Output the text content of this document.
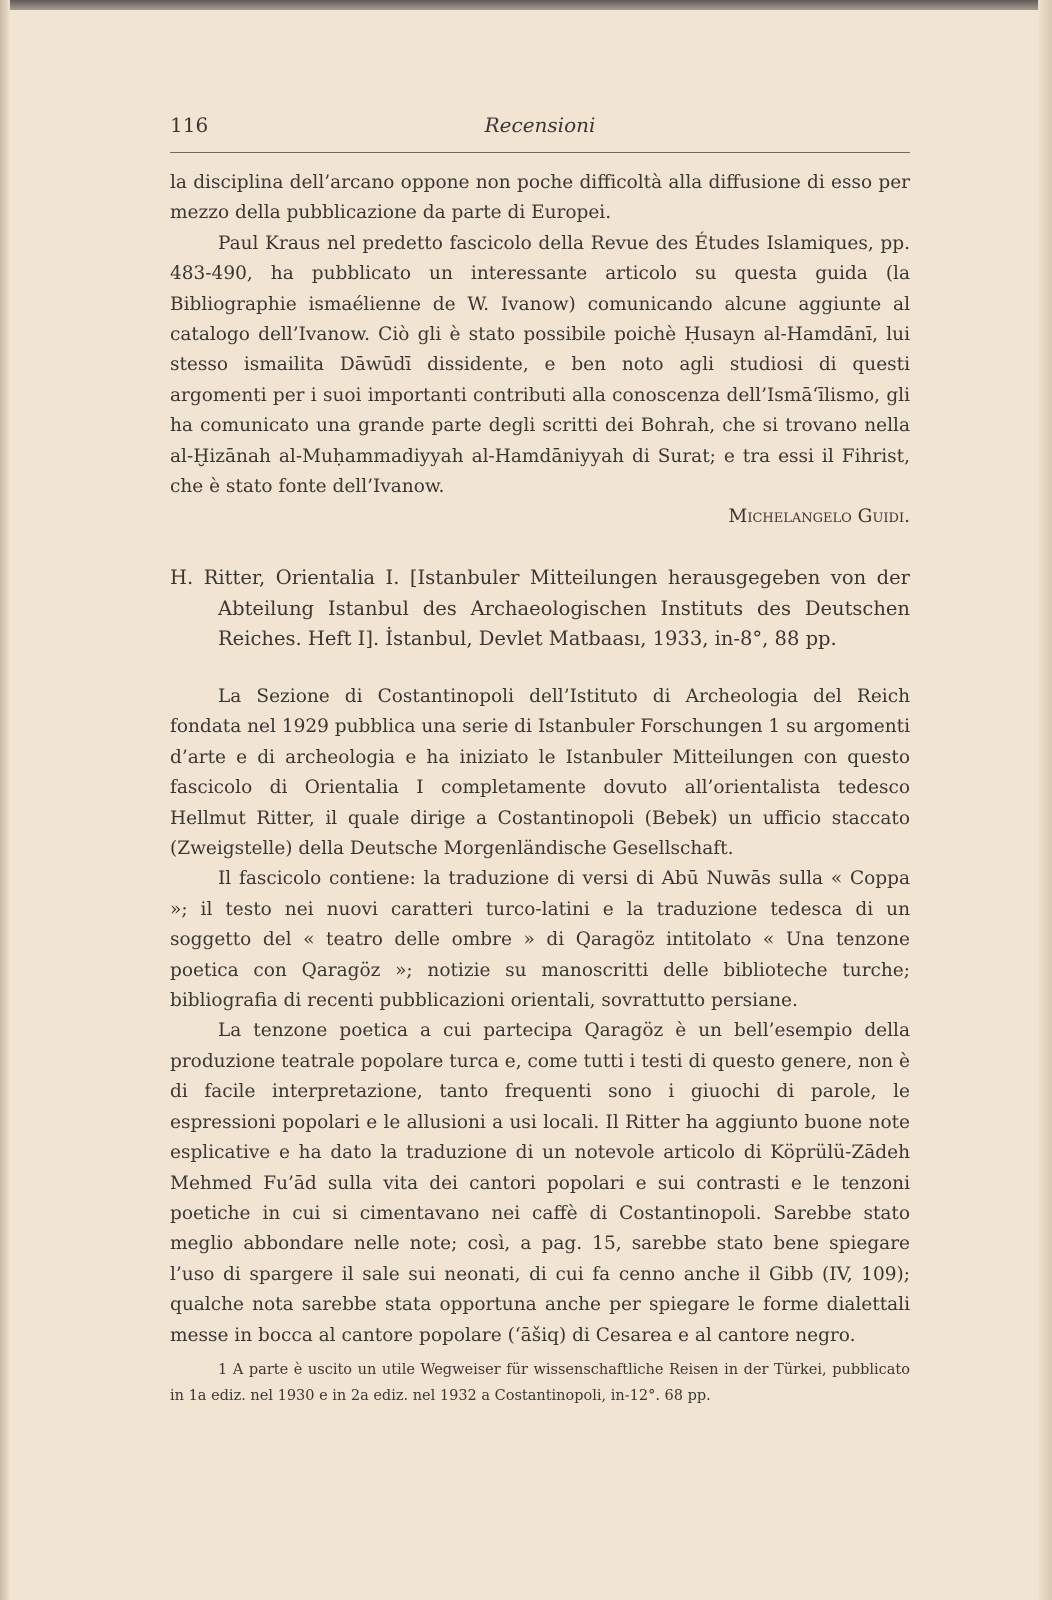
116	Recensioni

la disciplina dell’arcano oppone non poche difficoltà alla diffusione di esso per mezzo della pubblicazione da parte di Europei.

Paul Kraus nel predetto fascicolo della Revue des Études Islamiques, pp. 483-490, ha pubblicato un interessante articolo su questa guida (la Bibliographie ismaélienne de W. Ivanow) comunicando alcune aggiunte al catalogo dell’Ivanow. Ciò gli è stato possibile poichè Ḥusayn al-Hamdānī, lui stesso ismailita Dāwūdī dissidente, e ben noto agli studiosi di questi argomenti per i suoi importanti contributi alla conoscenza dell’Ismā‘īlismo, gli ha comunicato una grande parte degli scritti dei Bohrah, che si trovano nella al-Ḫizānah al-Muḥammadiyyah al-Hamdāniyyah di Surat; e tra essi il Fihrist, che è stato fonte dell’Ivanow.

Michelangelo Guidi.

H. Ritter, Orientalia I. [Istanbuler Mitteilungen herausgegeben von der Abteilung Istanbul des Archaeologischen Instituts des Deutschen Reiches. Heft I]. İstanbul, Devlet Matbaası, 1933, in-8°, 88 pp.

La Sezione di Costantinopoli dell’Istituto di Archeologia del Reich fondata nel 1929 pubblica una serie di Istanbuler Forschungen 1 su argomenti d’arte e di archeologia e ha iniziato le Istanbuler Mitteilungen con questo fascicolo di Orientalia I completamente dovuto all’orientalista tedesco Hellmut Ritter, il quale dirige a Costantinopoli (Bebek) un ufficio staccato (Zweigstelle) della Deutsche Morgenländische Gesellschaft.

Il fascicolo contiene: la traduzione di versi di Abū Nuwās sulla « Coppa »; il testo nei nuovi caratteri turco-latini e la traduzione tedesca di un soggetto del « teatro delle ombre » di Qaragöz intitolato « Una tenzone poetica con Qaragöz »; notizie su manoscritti delle biblioteche turche; bibliografia di recenti pubblicazioni orientali, sovrattutto persiane.

La tenzone poetica a cui partecipa Qaragöz è un bell’esempio della produzione teatrale popolare turca e, come tutti i testi di questo genere, non è di facile interpretazione, tanto frequenti sono i giuochi di parole, le espressioni popolari e le allusioni a usi locali. Il Ritter ha aggiunto buone note esplicative e ha dato la traduzione di un notevole articolo di Köprülü-Zādeh Mehmed Fu’ād sulla vita dei cantori popolari e sui contrasti e le tenzoni poetiche in cui si cimentavano nei caffè di Costantinopoli. Sarebbe stato meglio abbondare nelle note; così, a pag. 15, sarebbe stato bene spiegare l’uso di spargere il sale sui neonati, di cui fa cenno anche il Gibb (IV, 109); qualche nota sarebbe stata opportuna anche per spiegare le forme dialettali messe in bocca al cantore popolare (‘āšiq) di Cesarea e al cantore negro.

1 A parte è uscito un utile Wegweiser für wissenschaftliche Reisen in der Türkei, pubblicato in 1a ediz. nel 1930 e in 2a ediz. nel 1932 a Costantinopoli, in-12°. 68 pp.
